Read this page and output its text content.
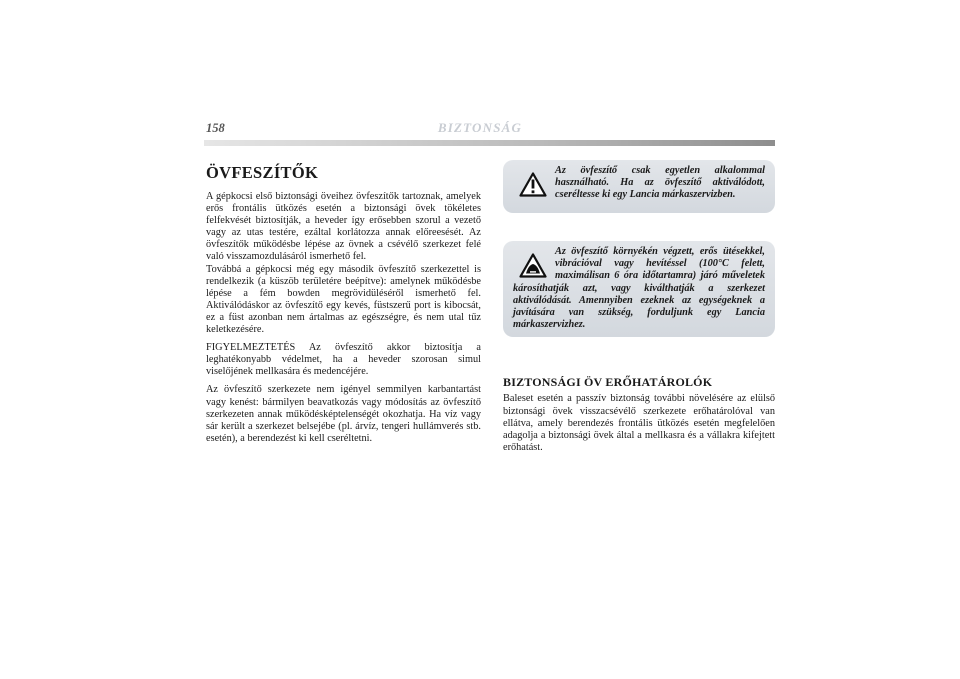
158	BIZTONSÁG
ÖVFESZÍTŐK

A gépkocsi első biztonsági öveihez övfeszítők tartoznak, amelyek erős frontális ütközés esetén a biztonsági övek tökéletes felfekvését biztosítják, a heveder így erősebben szorul a vezető vagy az utas testére, ezáltal korlátozza annak előreesését. Az övfeszítők működésbe lépése az övnek a csévélő szerkezet felé való visszamozdulásáról ismerhető fel.

Továbbá a gépkocsi még egy második övfeszítő szerkezettel is rendelkezik (a küszöb területére beépítve): amelynek működésbe lépése a fém bowden megrövidüléséről ismerhető fel. Aktiválódáskor az övfeszítő egy kevés, füstszerű port is kibocsát, ez a füst azonban nem ártalmas az egészségre, és nem utal tűz keletkezésére.

FIGYELMEZTETÉS Az övfeszítő akkor biztosítja a leghatékonyabb védelmet, ha a heveder szorosan simul viselőjének mellkasára és medencéjére.

Az övfeszítő szerkezete nem igényel semmilyen karbantartást vagy kenést: bármilyen beavatkozás vagy módosítás az övfeszítő szerkezeten annak működésképtelenségét okozhatja. Ha víz vagy sár került a szerkezet belsejébe (pl. árvíz, tengeri hullámverés stb. esetén), a berendezést ki kell cseréltetni.

Az övfeszítő csak egyetlen alkalommal használható. Ha az övfeszítő aktiválódott, cseréltesse ki egy Lancia márkaszervizben.
Az övfeszítő környékén végzett, erős ütésekkel, vibrációval vagy hevítéssel (100°C felett, maximálisan 6 óra időtartamra) járó műveletek károsíthatják azt, vagy kiválthatják a szerkezet aktiválódását. Amennyiben ezeknek az egységeknek a javítására van szükség, forduljunk egy Lancia márkaszervizhez.
BIZTONSÁGI ÖV ERŐHATÁROLÓK

Baleset esetén a passzív biztonság további növelésére az elülső biztonsági övek visszacsévélő szerkezete erőhatárolóval van ellátva, amely berendezés frontális ütközés esetén megfelelően adagolja a biztonsági övek által a mellkasra és a vállakra kifejtett erőhatást.
